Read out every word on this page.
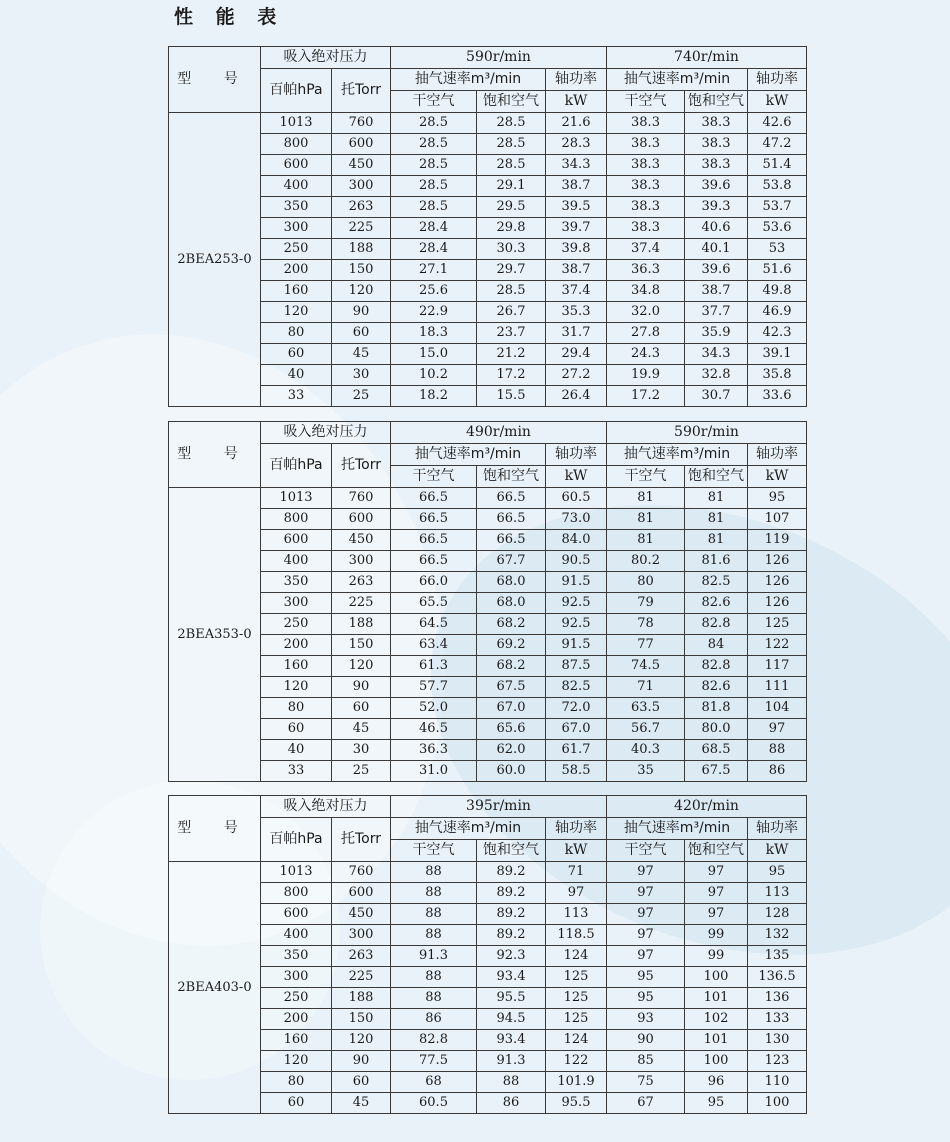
性 能 表
型 号	吸入绝对压力		590r/min			740r/min		
	百帕hPa	托Torr	抽气速率m³/min		轴功率	抽气速率m³/min		轴功率
			干空气	饱和空气	kW	干空气	饱和空气	kW
2BEA253-0	1013	760	28.5	28.5	21.6	38.3	38.3	42.6
	800	600	28.5	28.5	28.3	38.3	38.3	47.2
	600	450	28.5	28.5	34.3	38.3	38.3	51.4
	400	300	28.5	29.1	38.7	38.3	39.6	53.8
	350	263	28.5	29.5	39.5	38.3	39.3	53.7
	300	225	28.4	29.8	39.7	38.3	40.6	53.6
	250	188	28.4	30.3	39.8	37.4	40.1	53
	200	150	27.1	29.7	38.7	36.3	39.6	51.6
	160	120	25.6	28.5	37.4	34.8	38.7	49.8
	120	90	22.9	26.7	35.3	32.0	37.7	46.9
	80	60	18.3	23.7	31.7	27.8	35.9	42.3
	60	45	15.0	21.2	29.4	24.3	34.3	39.1
	40	30	10.2	17.2	27.2	19.9	32.8	35.8
	33	25	18.2	15.5	26.4	17.2	30.7	33.6
型 号	吸入绝对压力		490r/min			590r/min		
	百帕hPa	托Torr	抽气速率m³/min		轴功率	抽气速率m³/min		轴功率
			干空气	饱和空气	kW	干空气	饱和空气	kW
2BEA353-0	1013	760	66.5	66.5	60.5	81	81	95
	800	600	66.5	66.5	73.0	81	81	107
	600	450	66.5	66.5	84.0	81	81	119
	400	300	66.5	67.7	90.5	80.2	81.6	126
	350	263	66.0	68.0	91.5	80	82.5	126
	300	225	65.5	68.0	92.5	79	82.6	126
	250	188	64.5	68.2	92.5	78	82.8	125
	200	150	63.4	69.2	91.5	77	84	122
	160	120	61.3	68.2	87.5	74.5	82.8	117
	120	90	57.7	67.5	82.5	71	82.6	111
	80	60	52.0	67.0	72.0	63.5	81.8	104
	60	45	46.5	65.6	67.0	56.7	80.0	97
	40	30	36.3	62.0	61.7	40.3	68.5	88
	33	25	31.0	60.0	58.5	35	67.5	86
型 号	吸入绝对压力		395r/min			420r/min		
	百帕hPa	托Torr	抽气速率m³/min		轴功率	抽气速率m³/min		轴功率
			干空气	饱和空气	kW	干空气	饱和空气	kW
2BEA403-0	1013	760	88	89.2	71	97	97	95
	800	600	88	89.2	97	97	97	113
	600	450	88	89.2	113	97	97	128
	400	300	88	89.2	118.5	97	99	132
	350	263	91.3	92.3	124	97	99	135
	300	225	88	93.4	125	95	100	136.5
	250	188	88	95.5	125	95	101	136
	200	150	86	94.5	125	93	102	133
	160	120	82.8	93.4	124	90	101	130
	120	90	77.5	91.3	122	85	100	123
	80	60	68	88	101.9	75	96	110
	60	45	60.5	86	95.5	67	95	100
